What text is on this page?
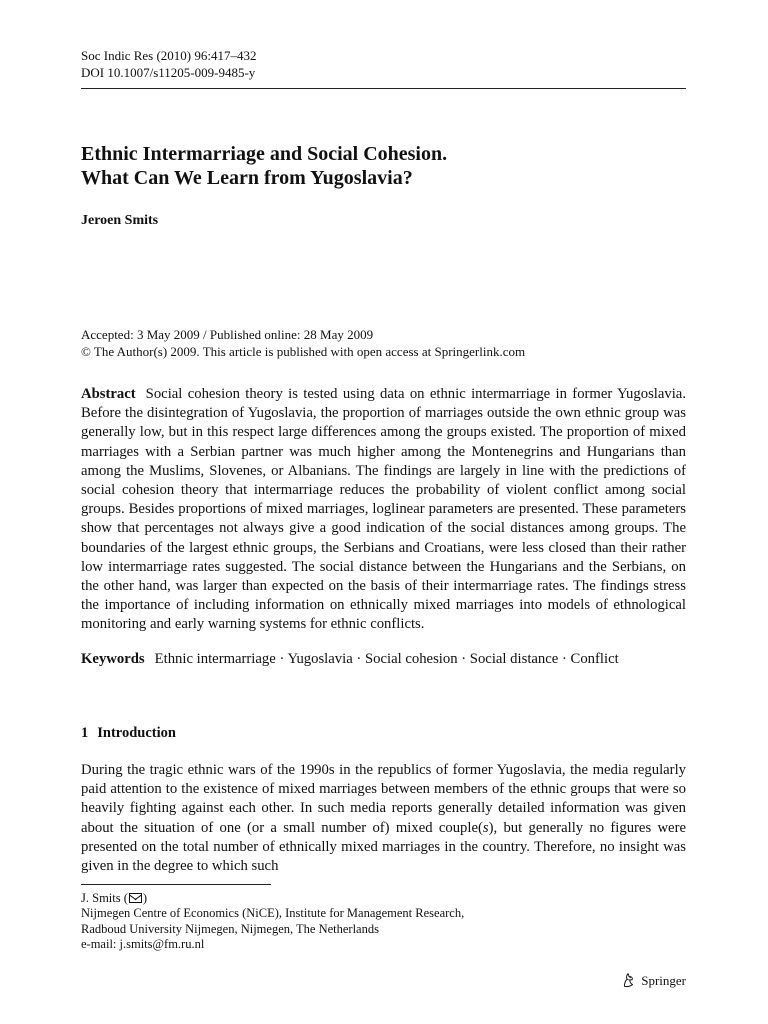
Soc Indic Res (2010) 96:417–432
DOI 10.1007/s11205-009-9485-y
Ethnic Intermarriage and Social Cohesion.
What Can We Learn from Yugoslavia?
Jeroen Smits
Accepted: 3 May 2009 / Published online: 28 May 2009
© The Author(s) 2009. This article is published with open access at Springerlink.com

Abstract Social cohesion theory is tested using data on ethnic intermarriage in former Yugoslavia. Before the disintegration of Yugoslavia, the proportion of marriages outside the own ethnic group was generally low, but in this respect large differences among the groups existed. The proportion of mixed marriages with a Serbian partner was much higher among the Montenegrins and Hungarians than among the Muslims, Slovenes, or Albanians. The findings are largely in line with the predictions of social cohesion theory that intermarriage reduces the probability of violent conflict among social groups. Besides proportions of mixed marriages, loglinear parameters are presented. These parameters show that percentages not always give a good indication of the social distances among groups. The boundaries of the largest ethnic groups, the Serbians and Croatians, were less closed than their rather low intermarriage rates suggested. The social distance between the Hungarians and the Serbians, on the other hand, was larger than expected on the basis of their intermarriage rates. The findings stress the importance of including information on ethnically mixed marriages into models of ethnological monitoring and early warning systems for ethnic conflicts.

Keywords Ethnic intermarriage · Yugoslavia · Social cohesion · Social distance · Conflict

1 Introduction

During the tragic ethnic wars of the 1990s in the republics of former Yugoslavia, the media regularly paid attention to the existence of mixed marriages between members of the ethnic groups that were so heavily fighting against each other. In such media reports generally detailed information was given about the situation of one (or a small number of) mixed couple(s), but generally no figures were presented on the total number of ethnically mixed marriages in the country. Therefore, no insight was given in the degree to which such

J. Smits ( )
Nijmegen Centre of Economics (NiCE), Institute for Management Research,
Radboud University Nijmegen, Nijmegen, The Netherlands
e-mail: j.smits@fm.ru.nl
Springer
